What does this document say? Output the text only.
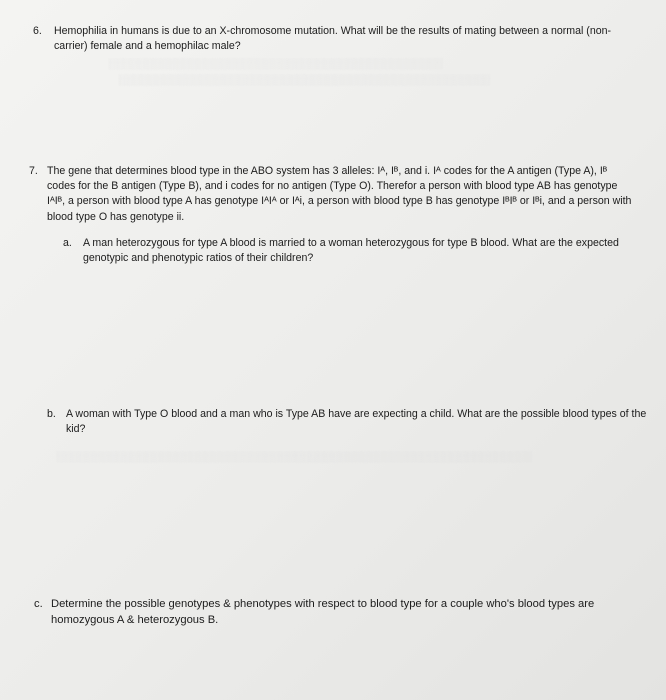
░░░░░░░░░░░░░░░░░░░░░░░░░░░░░░░░░░░░░░░░░░░░░
░░░░░░░░░░░░░░░░░░░░░░░░░░░░░░░░░░░░░░░░░░░░░░░░░░
░░░░░░░░░░░░░░░░░░░░░░░░░░░░░░░░░░░░░░░░░░░░░░░░░░░░░░░░░░░░░░░░
6. Hemophilia in humans is due to an X-chromosome mutation. What will be the results of mating between a normal (non-carrier) female and a hemophilac male?
7. The gene that determines blood type in the ABO system has 3 alleles: Iᴬ, Iᴮ, and i. Iᴬ codes for the A antigen (Type A), Iᴮ codes for the B antigen (Type B), and i codes for no antigen (Type O). Therefor a person with blood type AB has genotype IᴬIᴮ, a person with blood type A has genotype IᴬIᴬ or Iᴬi, a person with blood type B has genotype IᴮIᴮ or Iᴮi, and a person with blood type O has genotype ii.
a. A man heterozygous for type A blood is married to a woman heterozygous for type B blood. What are the expected genotypic and phenotypic ratios of their children?
b. A woman with Type O blood and a man who is Type AB have are expecting a child. What are the possible blood types of the kid?
c. Determine the possible genotypes & phenotypes with respect to blood type for a couple who's blood types are homozygous A & heterozygous B.
